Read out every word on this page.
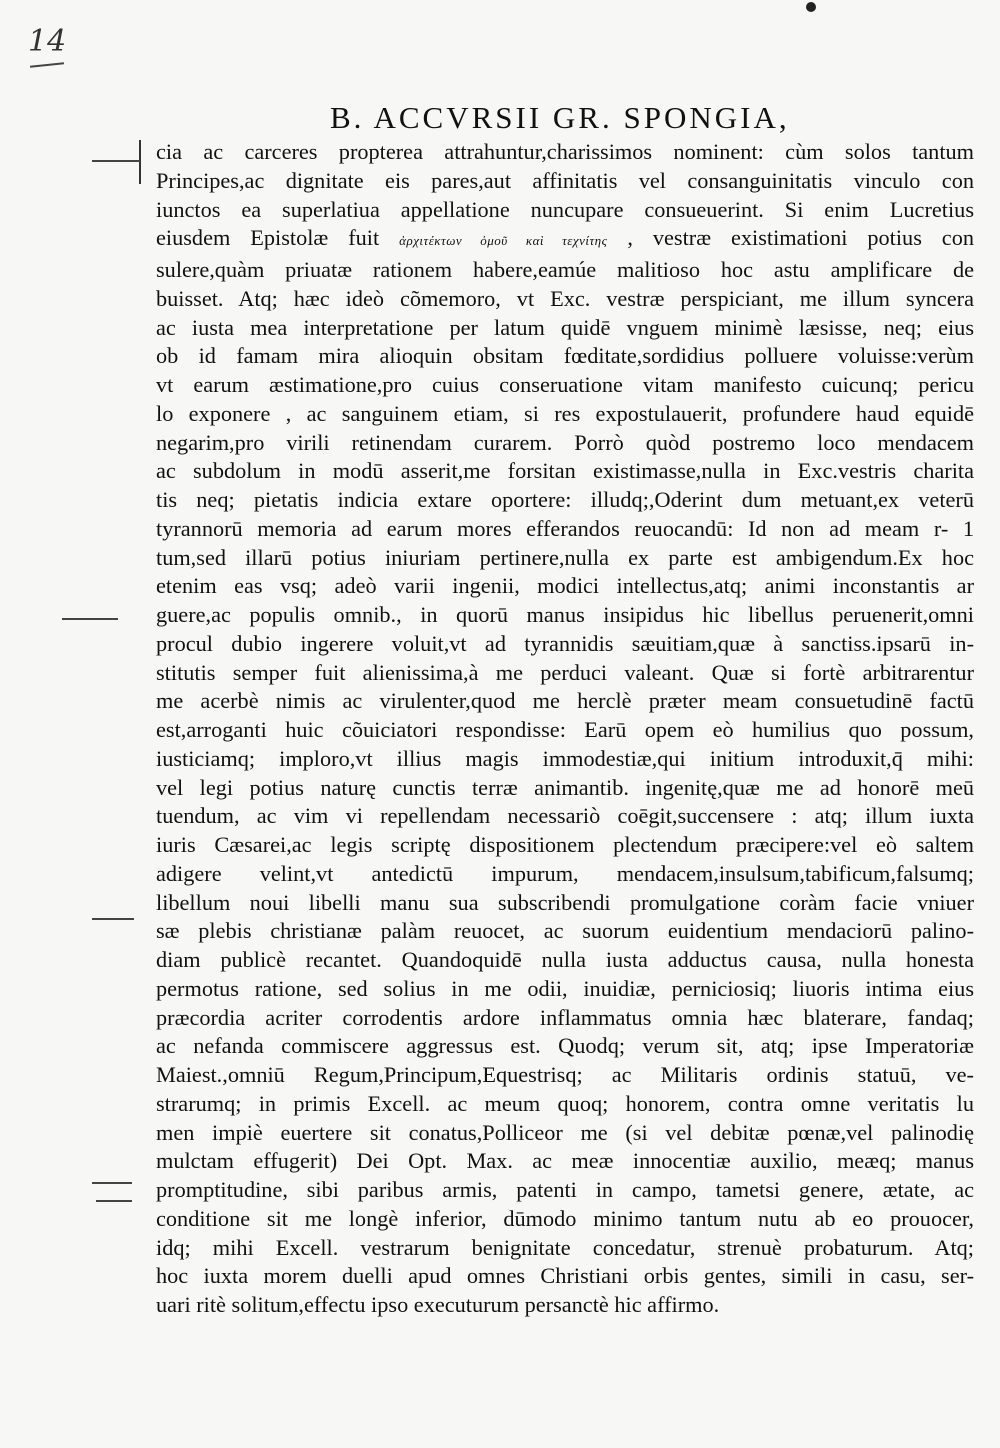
14
B. ACCVRSII GR. SPONGIA,
cia ac carceres propterea attrahuntur,charissimos nominent: cùm solos tantum
Principes,ac dignitate eis pares,aut affinitatis vel consanguinitatis vinculo con
iunctos ea superlatiua appellatione nuncupare consueuerint. Si enim Lucretius
eiusdem Epistolæ fuit ἀρχιτέκτων ὁμοῦ καὶ τεχνίτης , vestræ existimationi potius con
sulere,quàm priuatæ rationem habere,eamúe malitioso hoc astu amplificare de
buisset. Atq; hæc ideò cõmemoro, vt Exc. vestræ perspiciant, me illum syncera
ac iusta mea interpretatione per latum quidē vnguem minimè læsisse, neq; eius
ob id famam mira alioquin obsitam fœditate,sordidius polluere voluisse:verùm
vt earum æstimatione,pro cuius conseruatione vitam manifesto cuicunq; pericu
lo exponere , ac sanguinem etiam, si res expostulauerit, profundere haud equidē
negarim,pro virili retinendam curarem. Porrò quòd postremo loco mendacem
ac subdolum in modū asserit,me forsitan existimasse,nulla in Exc.vestris charita
tis neq; pietatis indicia extare oportere: illudq;,Oderint dum metuant,ex veterū
tyrannorū memoria ad earum mores efferandos reuocandū: Id non ad meam r- 1
tum,sed illarū potius iniuriam pertinere,nulla ex parte est ambigendum.Ex hoc
etenim eas vsq; adeò varii ingenii, modici intellectus,atq; animi inconstantis ar
guere,ac populis omnib., in quorū manus insipidus hic libellus peruenerit,omni
procul dubio ingerere voluit,vt ad tyrannidis sæuitiam,quæ à sanctiss.ipsarū in-
stitutis semper fuit alienissima,à me perduci valeant. Quæ si fortè arbitrarentur
me acerbè nimis ac virulenter,quod me herclè præter meam consuetudinē factū
est,arroganti huic cõuiciatori respondisse: Earū opem eò humilius quo possum,
iusticiamq; imploro,vt illius magis immodestiæ,qui initium introduxit,q̄ mihi:
vel legi potius naturę cunctis terræ animantib. ingenitę,quæ me ad honorē meū
tuendum, ac vim vi repellendam necessariò coēgit,succensere : atq; illum iuxta
iuris Cæsarei,ac legis scriptę dispositionem plectendum præcipere:vel eò saltem
adigere velint,vt antedictū impurum, mendacem,insulsum,tabificum,falsumq;
libellum noui libelli manu sua subscribendi promulgatione coràm facie vniuer
sæ plebis christianæ palàm reuocet, ac suorum euidentium mendaciorū palino-
diam publicè recantet. Quandoquidē nulla iusta adductus causa, nulla honesta
permotus ratione, sed solius in me odii, inuidiæ, perniciosiq; liuoris intima eius
præcordia acriter corrodentis ardore inflammatus omnia hæc blaterare, fandaq;
ac nefanda commiscere aggressus est. Quodq; verum sit, atq; ipse Imperatoriæ
Maiest.,omniū Regum,Principum,Equestrisq; ac Militaris ordinis statuū, ve-
strarumq; in primis Excell. ac meum quoq; honorem, contra omne veritatis lu
men impiè euertere sit conatus,Polliceor me (si vel debitæ pœnæ,vel palinodię
mulctam effugerit) Dei Opt. Max. ac meæ innocentiæ auxilio, meæq; manus
promptitudine, sibi paribus armis, patenti in campo, tametsi genere, ætate, ac
conditione sit me longè inferior, dūmodo minimo tantum nutu ab eo prouocer,
idq; mihi Excell. vestrarum benignitate concedatur, strenuè probaturum. Atq;
hoc iuxta morem duelli apud omnes Christiani orbis gentes, simili in casu, ser-
uari ritè solitum,effectu ipso executurum persanctè hic affirmo.
